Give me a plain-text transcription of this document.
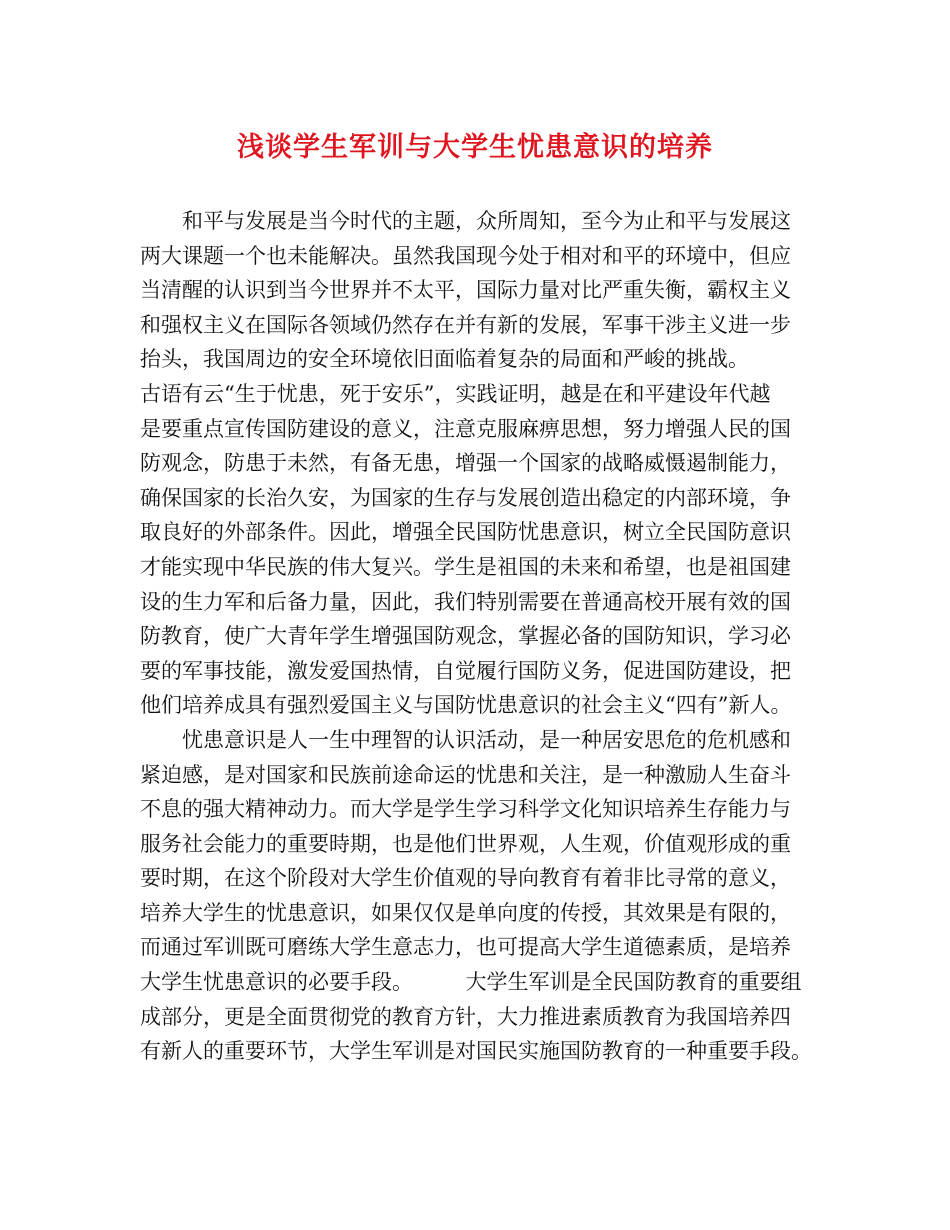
浅谈学生军训与大学生忧患意识的培养
　　和平与发展是当今时代的主题，众所周知，至今为止和平与发展这
两大课题一个也未能解决。虽然我国现今处于相对和平的环境中，但应
当清醒的认识到当今世界并不太平，国际力量对比严重失衡，霸权主义
和强权主义在国际各领域仍然存在并有新的发展，军事干涉主义进一步
抬头，我国周边的安全环境依旧面临着复杂的局面和严峻的挑战。
古语有云“生于忧患，死于安乐”，实践证明，越是在和平建设年代越
是要重点宣传国防建设的意义，注意克服麻痹思想，努力增强人民的国
防观念，防患于未然，有备无患，增强一个国家的战略威慑遏制能力，
确保国家的长治久安，为国家的生存与发展创造出稳定的内部环境，争
取良好的外部条件。因此，增强全民国防忧患意识，树立全民国防意识
才能实现中华民族的伟大复兴。学生是祖国的未来和希望，也是祖国建
设的生力军和后备力量，因此，我们特别需要在普通高校开展有效的国
防教育，使广大青年学生增强国防观念，掌握必备的国防知识，学习必
要的军事技能，激发爱国热情，自觉履行国防义务，促进国防建设，把
他们培养成具有强烈爱国主义与国防忧患意识的社会主义“四有”新人。
　　忧患意识是人一生中理智的认识活动，是一种居安思危的危机感和
紧迫感，是对国家和民族前途命运的忧患和关注，是一种激励人生奋斗
不息的强大精神动力。而大学是学生学习科学文化知识培养生存能力与
服务社会能力的重要時期，也是他们世界观，人生观，价值观形成的重
要时期，在这个阶段对大学生价值观的导向教育有着非比寻常的意义，
培养大学生的忧患意识，如果仅仅是单向度的传授，其效果是有限的，
而通过军训既可磨练大学生意志力，也可提高大学生道德素质，是培养
大学生忧患意识的必要手段。　　　大学生军训是全民国防教育的重要组
成部分，更是全面贯彻党的教育方针，大力推进素质教育为我国培养四
有新人的重要环节，大学生军训是对国民实施国防教育的一种重要手段。
